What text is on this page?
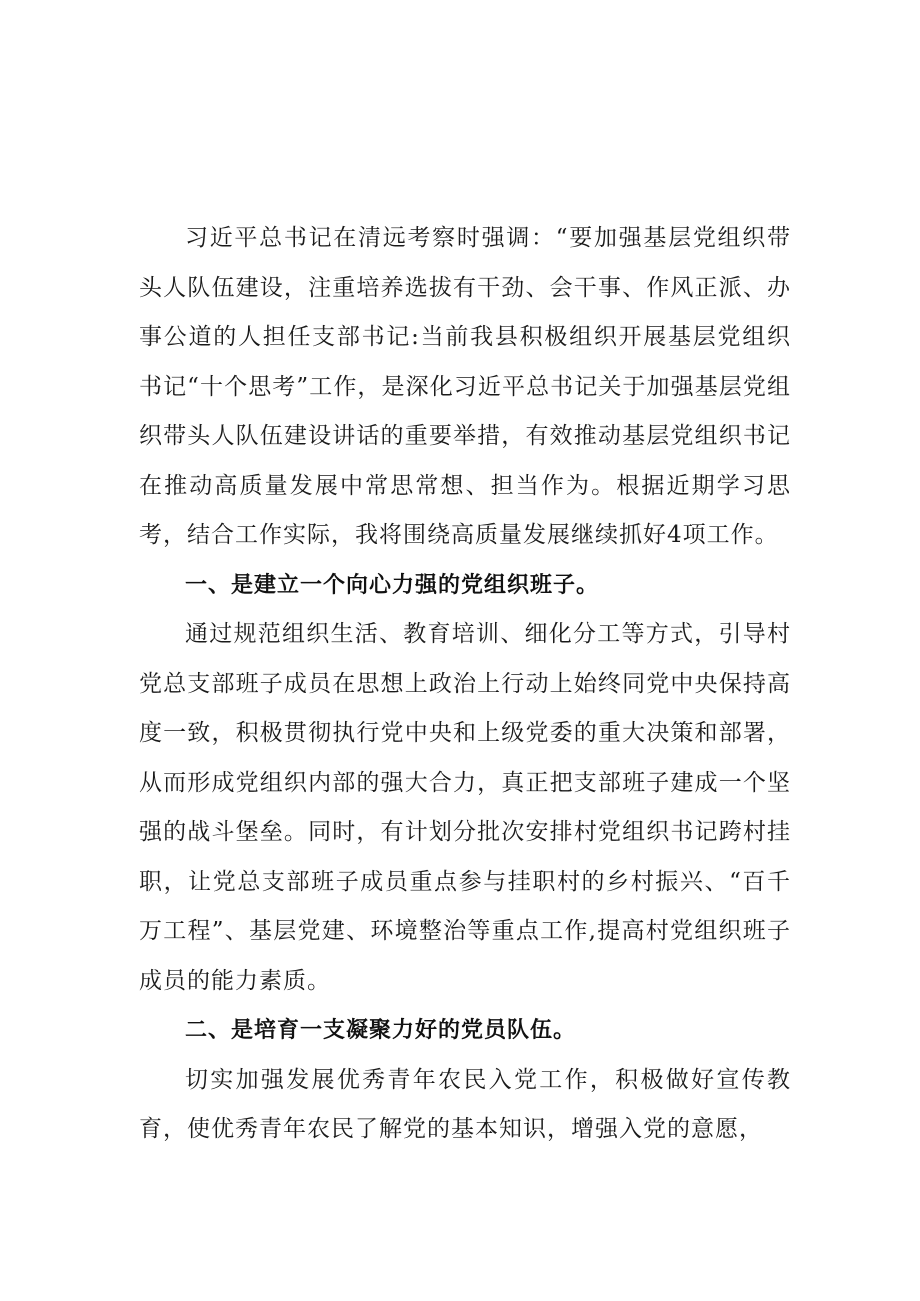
习近平总书记在清远考察时强调：“要加强基层党组织带头人队伍建设，注重培养选拔有干劲、会干事、作风正派、办事公道的人担任支部书记:当前我县积极组织开展基层党组织书记“十个思考”工作，是深化习近平总书记关于加强基层党组织带头人队伍建设讲话的重要举措，有效推动基层党组织书记在推动高质量发展中常思常想、担当作为。根据近期学习思考，结合工作实际，我将围绕高质量发展继续抓好4项工作。

一、是建立一个向心力强的党组织班子。

通过规范组织生活、教育培训、细化分工等方式，引导村党总支部班子成员在思想上政治上行动上始终同党中央保持高度一致，积极贯彻执行党中央和上级党委的重大决策和部署，从而形成党组织内部的强大合力，真正把支部班子建成一个坚强的战斗堡垒。同时，有计划分批次安排村党组织书记跨村挂职，让党总支部班子成员重点参与挂职村的乡村振兴、“百千万工程”、基层党建、环境整治等重点工作,提高村党组织班子成员的能力素质。

二、是培育一支凝聚力好的党员队伍。

切实加强发展优秀青年农民入党工作，积极做好宣传教育，使优秀青年农民了解党的基本知识，增强入党的意愿，
